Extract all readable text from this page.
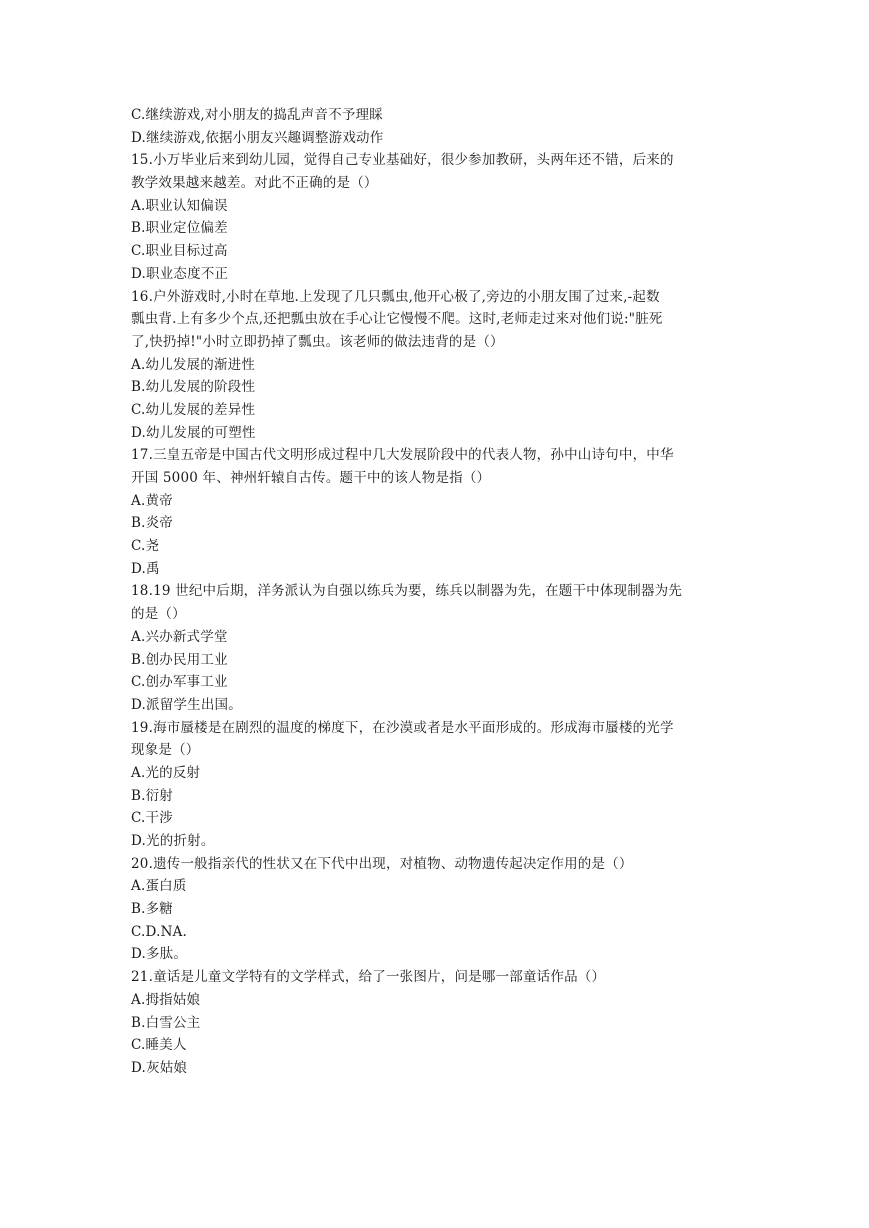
C.继续游戏,对小朋友的捣乱声音不予理睬
D.继续游戏,依据小朋友兴趣调整游戏动作
15.小万毕业后来到幼儿园，觉得自己专业基础好，很少参加教研，头两年还不错，后来的
教学效果越来越差。对此不正确的是（）
A.职业认知偏误
B.职业定位偏差
C.职业目标过高
D.职业态度不正
16.户外游戏时,小时在草地.上发现了几只瓢虫,他开心极了,旁边的小朋友围了过来,-起数
瓢虫背.上有多少个点,还把瓢虫放在手心让它慢慢不爬。这时,老师走过来对他们说:"脏死
了,快扔掉!"小时立即扔掉了瓢虫。该老师的做法违背的是（）
A.幼儿发展的渐进性
B.幼儿发展的阶段性
C.幼儿发展的差异性
D.幼儿发展的可塑性
17.三皇五帝是中国古代文明形成过程中几大发展阶段中的代表人物，孙中山诗句中，中华
开国 5000 年、神州轩辕自古传。题干中的该人物是指（）
A.黄帝
B.炎帝
C.尧
D.禹
18.19 世纪中后期，洋务派认为自强以练兵为要，练兵以制器为先，在题干中体现制器为先
的是（）
A.兴办新式学堂
B.创办民用工业
C.创办军事工业
D.派留学生出国。
19.海市蜃楼是在剧烈的温度的梯度下，在沙漠或者是水平面形成的。形成海市蜃楼的光学
现象是（）
A.光的反射
B.衍射
C.干涉
D.光的折射。
20.遗传一般指亲代的性状又在下代中出现，对植物、动物遗传起决定作用的是（）
A.蛋白质
B.多糖
C.D.NA.
D.多肽。
21.童话是儿童文学特有的文学样式，给了一张图片，问是哪一部童话作品（）
A.拇指姑娘
B.白雪公主
C.睡美人
D.灰姑娘
